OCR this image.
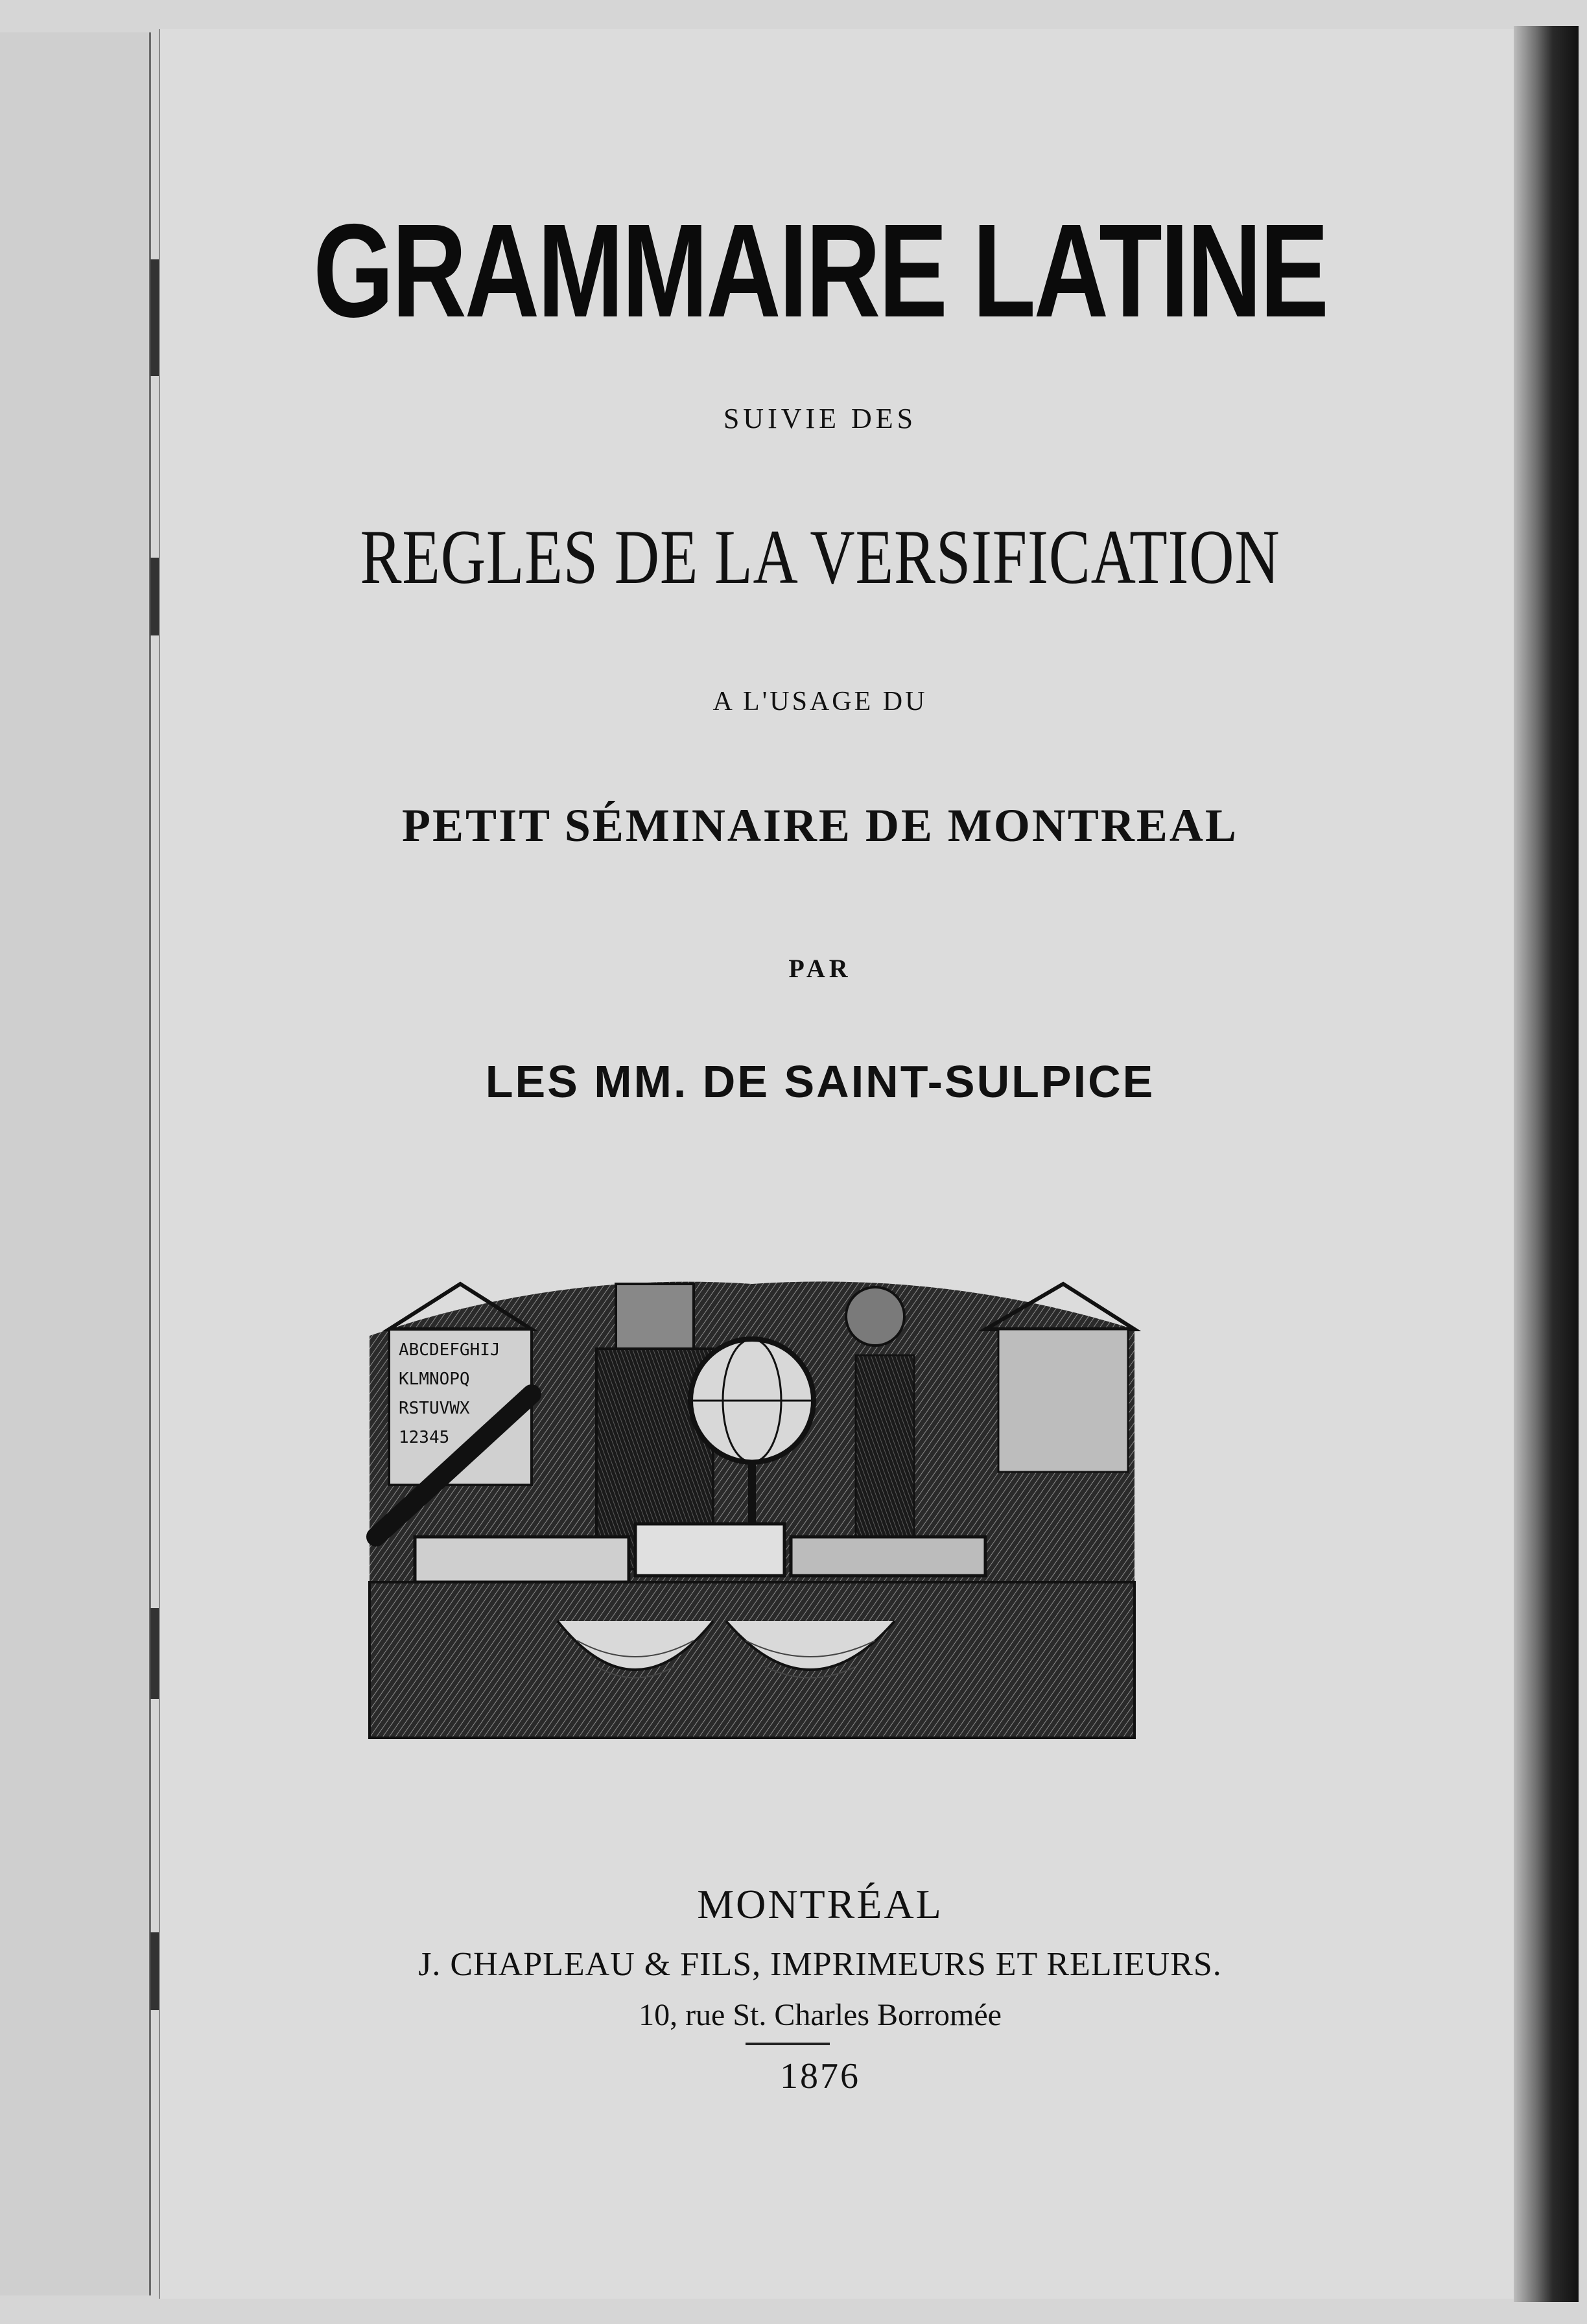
GRAMMAIRE LATINE
SUIVIE DES
REGLES DE LA VERSIFICATION
A L'USAGE DU
PETIT SÉMINAIRE DE MONTREAL
PAR
LES MM. DE SAINT-SULPICE
ABCDEFGHIJ
KLMNOPQ
RSTUVWX
12345
MONTRÉAL
J. CHAPLEAU & FILS, IMPRIMEURS ET RELIEURS.
10, rue St. Charles Borromée
1876
